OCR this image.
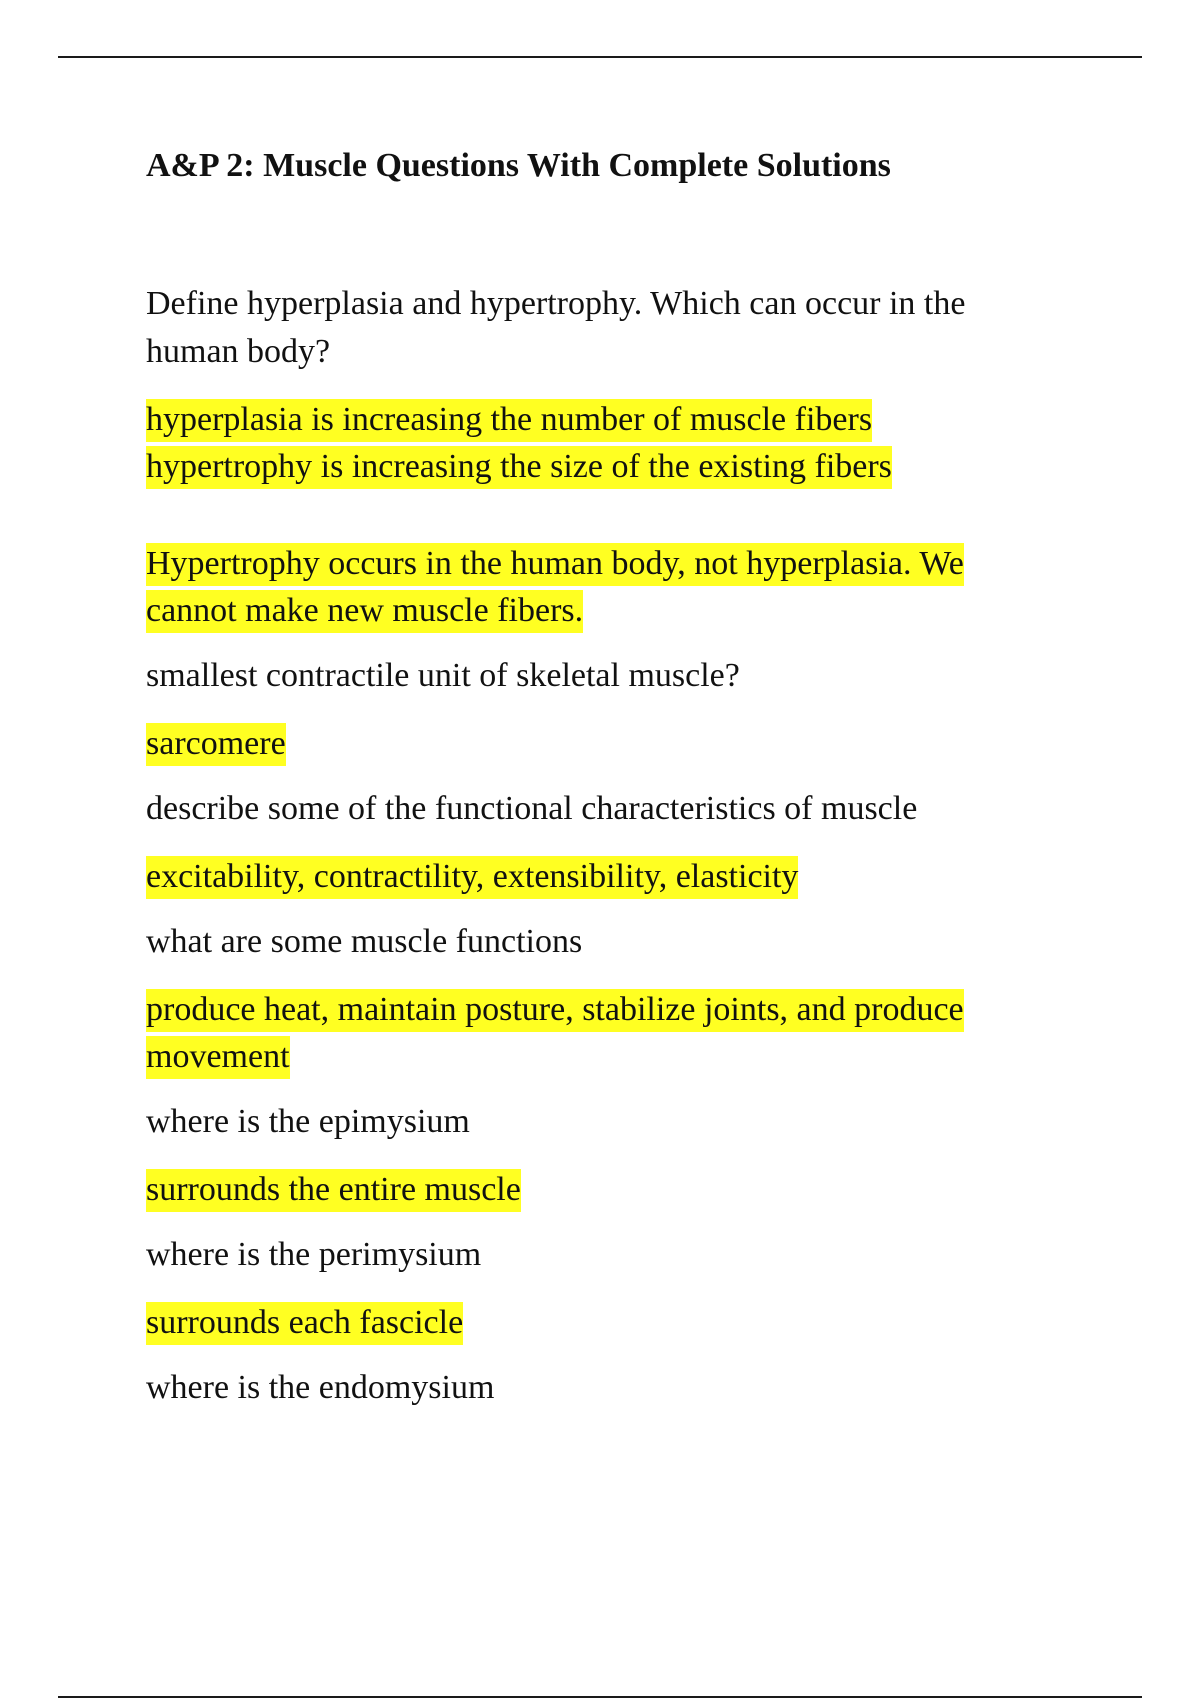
A&P 2: Muscle Questions With Complete Solutions
Define hyperplasia and hypertrophy. Which can occur in the human body?
hyperplasia is increasing the number of muscle fibers
hypertrophy is increasing the size of the existing fibers
Hypertrophy occurs in the human body, not hyperplasia. We cannot make new muscle fibers.
smallest contractile unit of skeletal muscle?
sarcomere
describe some of the functional characteristics of muscle
excitability, contractility, extensibility, elasticity
what are some muscle functions
produce heat, maintain posture, stabilize joints, and produce movement
where is the epimysium
surrounds the entire muscle
where is the perimysium
surrounds each fascicle
where is the endomysium
